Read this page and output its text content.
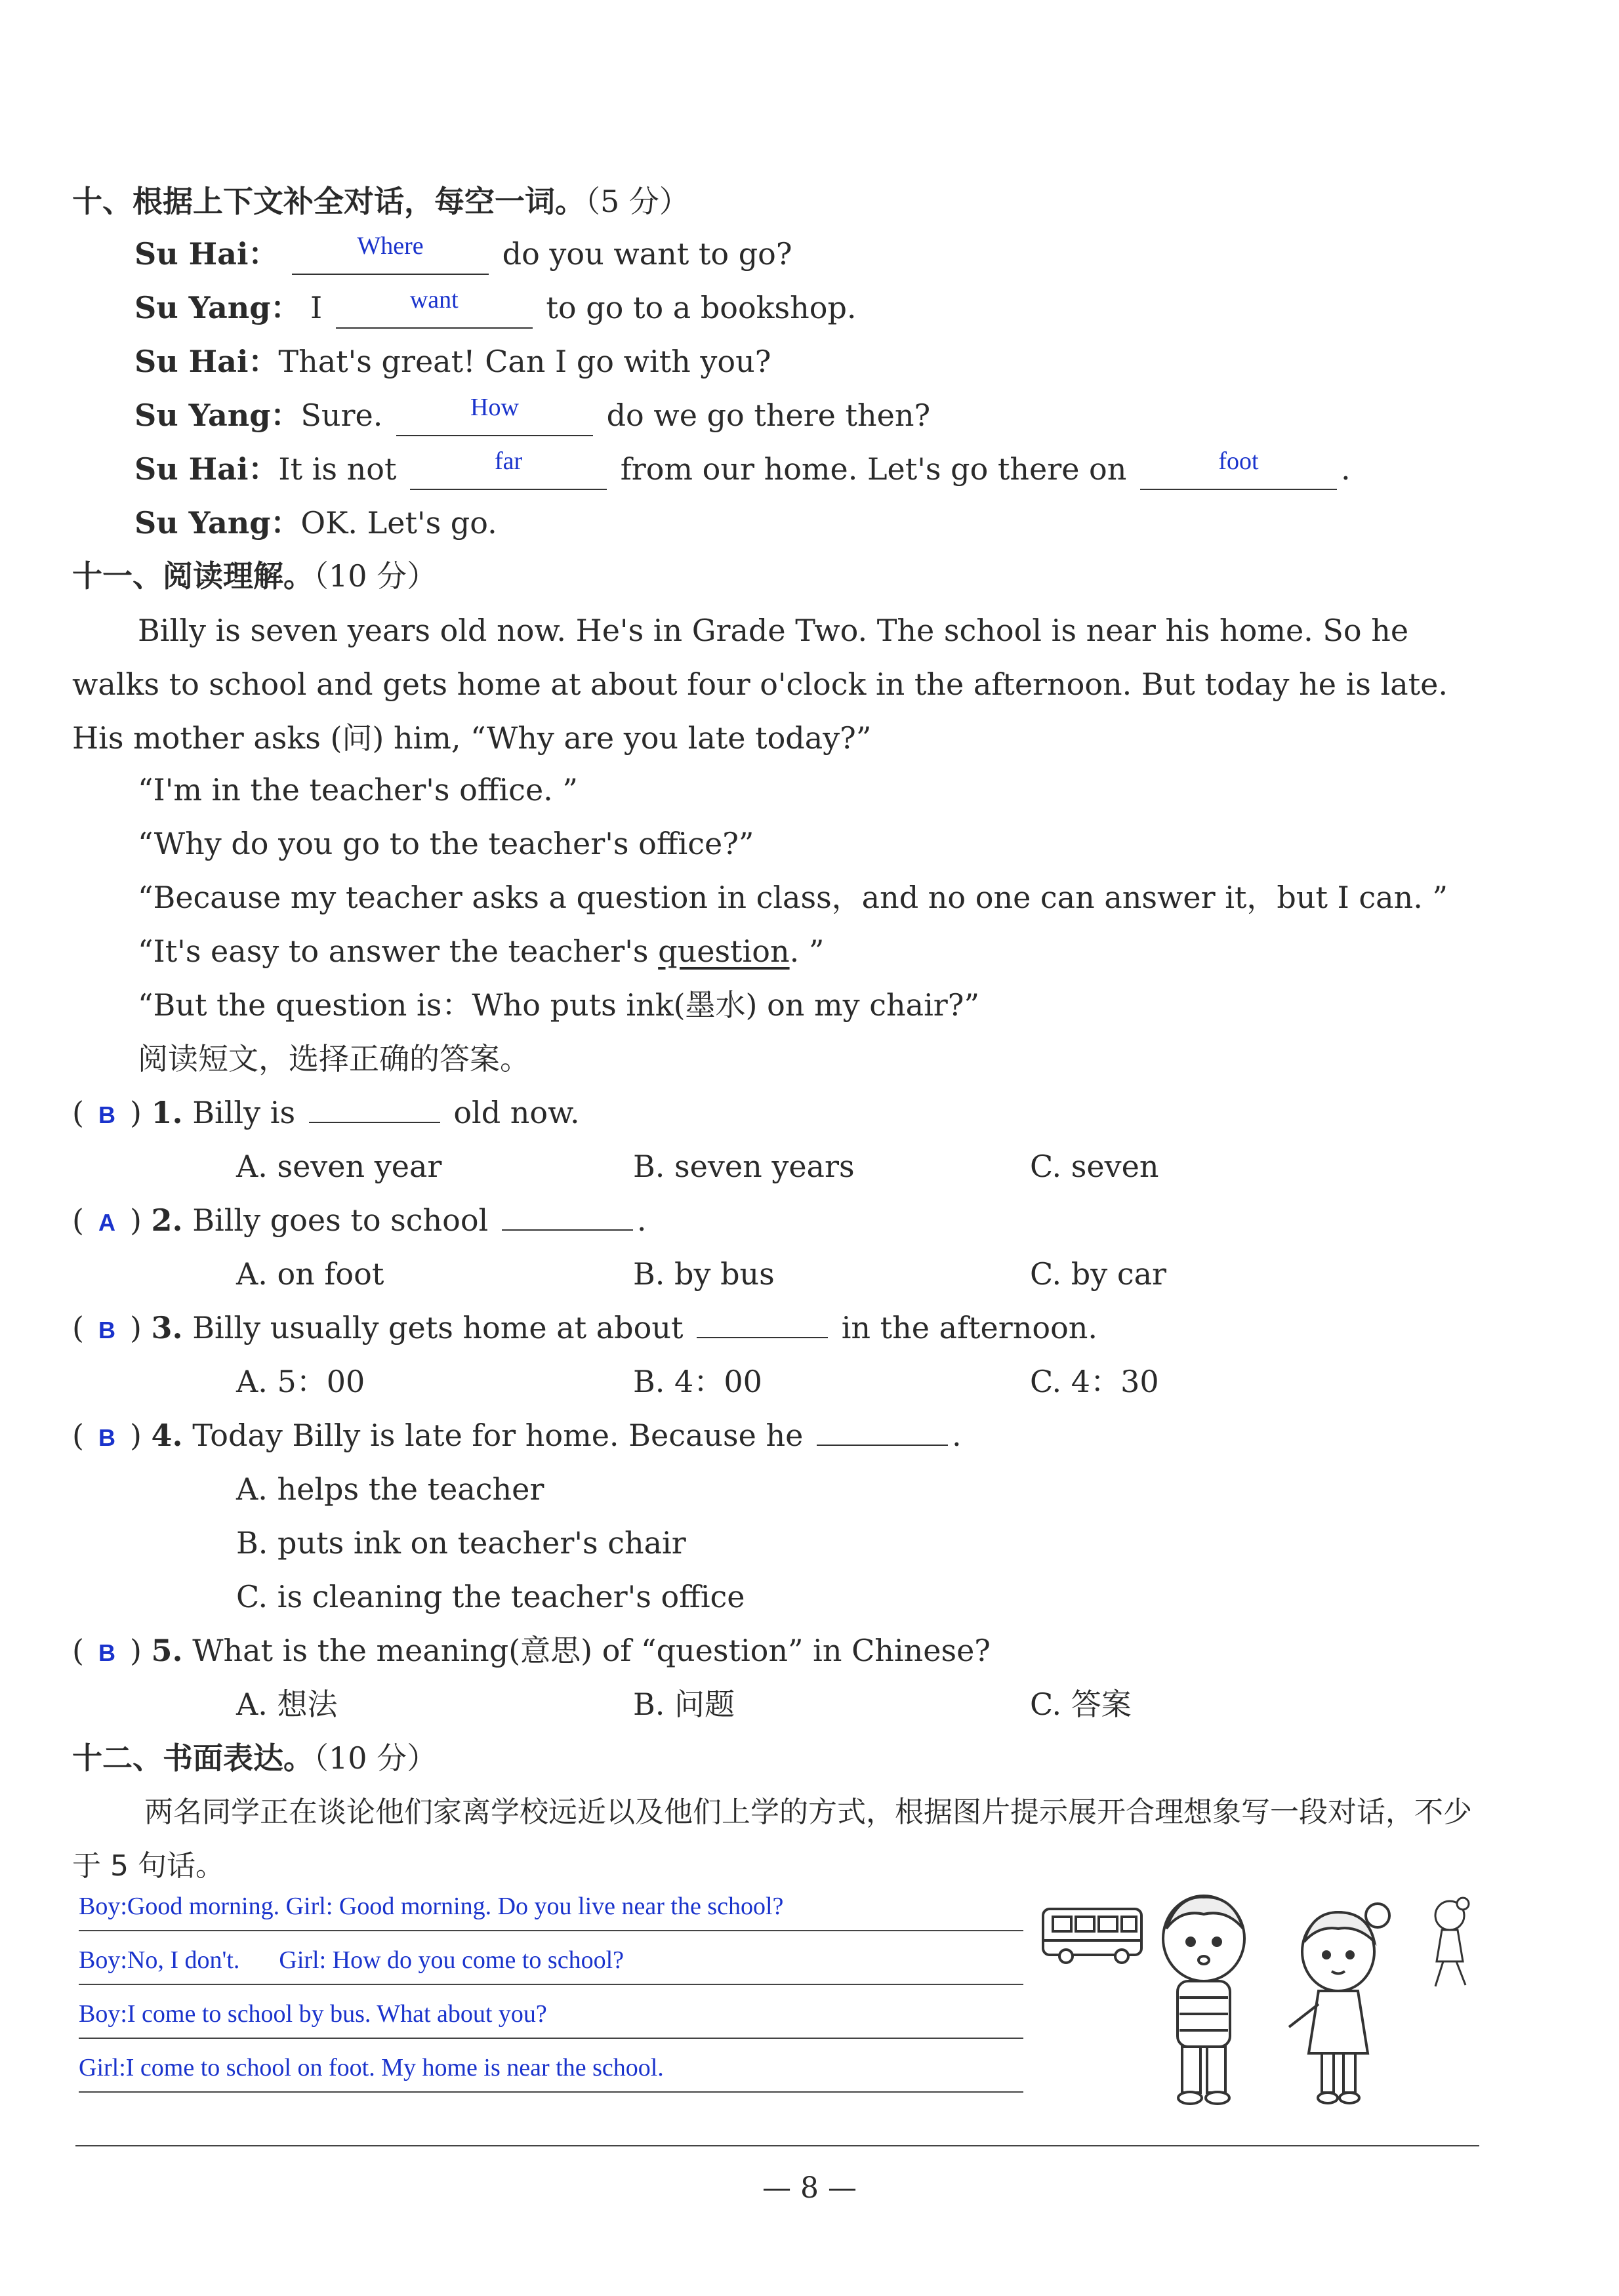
十、根据上下文补全对话，每空一词。（5 分）
Su Hai：	$^{Where}$	do you want to go?
Su Yang： I	$^{want}$	to go to a bookshop.
Su Hai：That's great! Can I go with you?
Su Yang：Sure.	$^{How}$	do we go there then?
Su Hai：It is not	$^{far}$	from our home. Let's go there on	$^{foot}$	.
Su Yang：OK. Let's go.
十一、阅读理解。（10 分）
Billy is seven years old now. He's in Grade Two. The school is near his home. So he walks to school and gets home at about four o'clock in the afternoon. But today he is late. His mother asks (问) him, “Why are you late today?”
“I'm in the teacher's office. ”
“Why do you go to the teacher's office?”
“Because my teacher asks a question in class，and no one can answer it，but I can. ”
“It's easy to answer the teacher's question. ”
“But the question is：Who puts ink(墨水) on my chair?”
阅读短文，选择正确的答案。
( B ) 1. Billy is	old now.
A. seven year	B. seven years	C. seven
( A ) 2. Billy goes to school	.
A. on foot	B. by bus	C. by car
( B ) 3. Billy usually gets home at about	in the afternoon.
A. 5：00	B. 4：00	C. 4：30
( B ) 4. Today Billy is late for home. Because he	.
A. helps the teacher
B. puts ink on teacher's chair
C. is cleaning the teacher's office
( B ) 5. What is the meaning(意思) of “question” in Chinese?
A. 想法	B. 问题	C. 答案
十二、书面表达。（10 分）
两名同学正在谈论他们家离学校远近以及他们上学的方式，根据图片提示展开合理想象写一段对话，不少于 5 句话。
Boy:Good morning. Girl: Good morning. Do you live near the school?
Boy:No, I don't. Girl: How do you come to school?
Boy:I come to school by bus. What about you?
Girl:I come to school on foot. My home is near the school.
— 8 —
